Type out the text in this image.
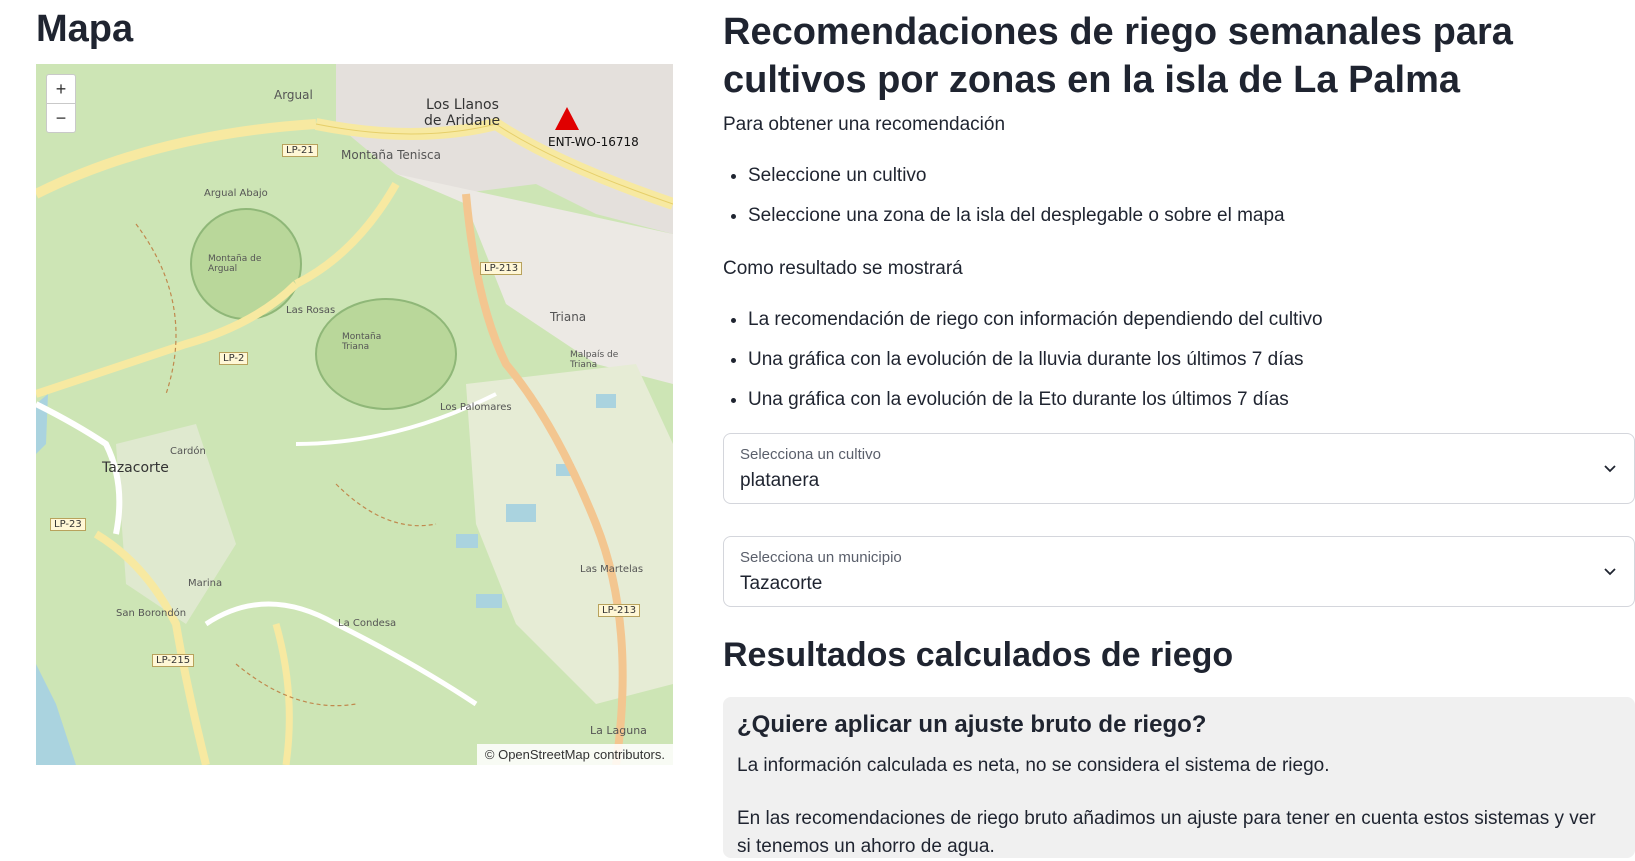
Mapa
+
−
ENT-WO-16718
Los Llanos
de Aridane
Argual
Montaña Tenisca
Argual Abajo
Montaña de Argual
Las Rosas
Montaña Triana
Triana
Malpaís de Triana
Los Palomares
Cardón
Tazacorte
Marina
San Borondón
La Condesa
Las Martelas
La Laguna
LP-21
LP-2
LP-213
LP-213
LP-23
LP-215
© OpenStreetMap contributors.
Recomendaciones de riego semanales para cultivos por zonas en la isla de La Palma

Para obtener una recomendación

• Seleccione un cultivo
• Seleccione una zona de la isla del desplegable o sobre el mapa

Como resultado se mostrará

• La recomendación de riego con información dependiendo del cultivo
• Una gráfica con la evolución de la lluvia durante los últimos 7 días
• Una gráfica con la evolución de la Eto durante los últimos 7 días
Selecciona un cultivo
platanera
Selecciona un municipio
Tazacorte
Resultados calculados de riego
¿Quiere aplicar un ajuste bruto de riego?

La información calculada es neta, no se considera el sistema de riego.

En las recomendaciones de riego bruto añadimos un ajuste para tener en cuenta estos sistemas y ver si tenemos un ahorro de agua.
